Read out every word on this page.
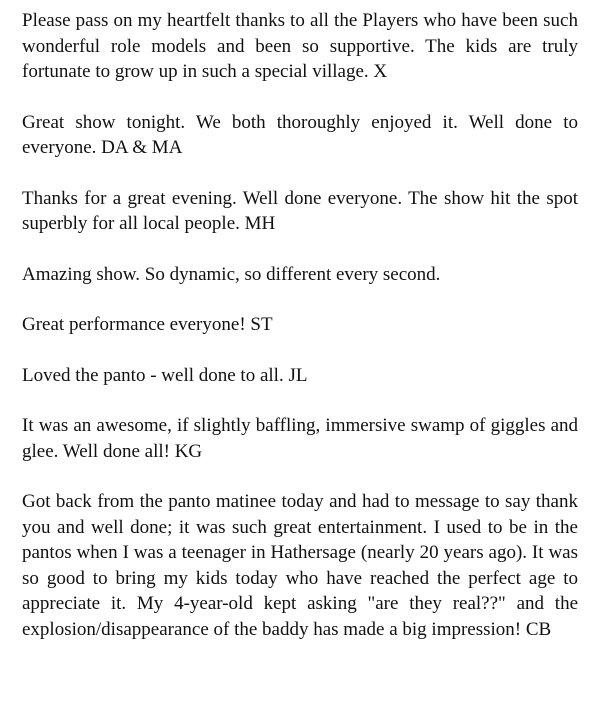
Please pass on my heartfelt thanks to all the Players who have been such wonderful role models and been so supportive. The kids are truly fortunate to grow up in such a special village. X

Great show tonight. We both thoroughly enjoyed it. Well done to everyone. DA & MA

Thanks for a great evening. Well done everyone. The show hit the spot superbly for all local people. MH

Amazing show. So dynamic, so different every second.

Great performance everyone! ST

Loved the panto - well done to all. JL

It was an awesome, if slightly baffling, immersive swamp of giggles and glee. Well done all! KG

Got back from the panto matinee today and had to message to say thank you and well done; it was such great entertainment. I used to be in the pantos when I was a teenager in Hathersage (nearly 20 years ago). It was so good to bring my kids today who have reached the perfect age to appreciate it. My 4-year-old kept asking "are they real??" and the explosion/disappearance of the baddy has made a big impression! CB
